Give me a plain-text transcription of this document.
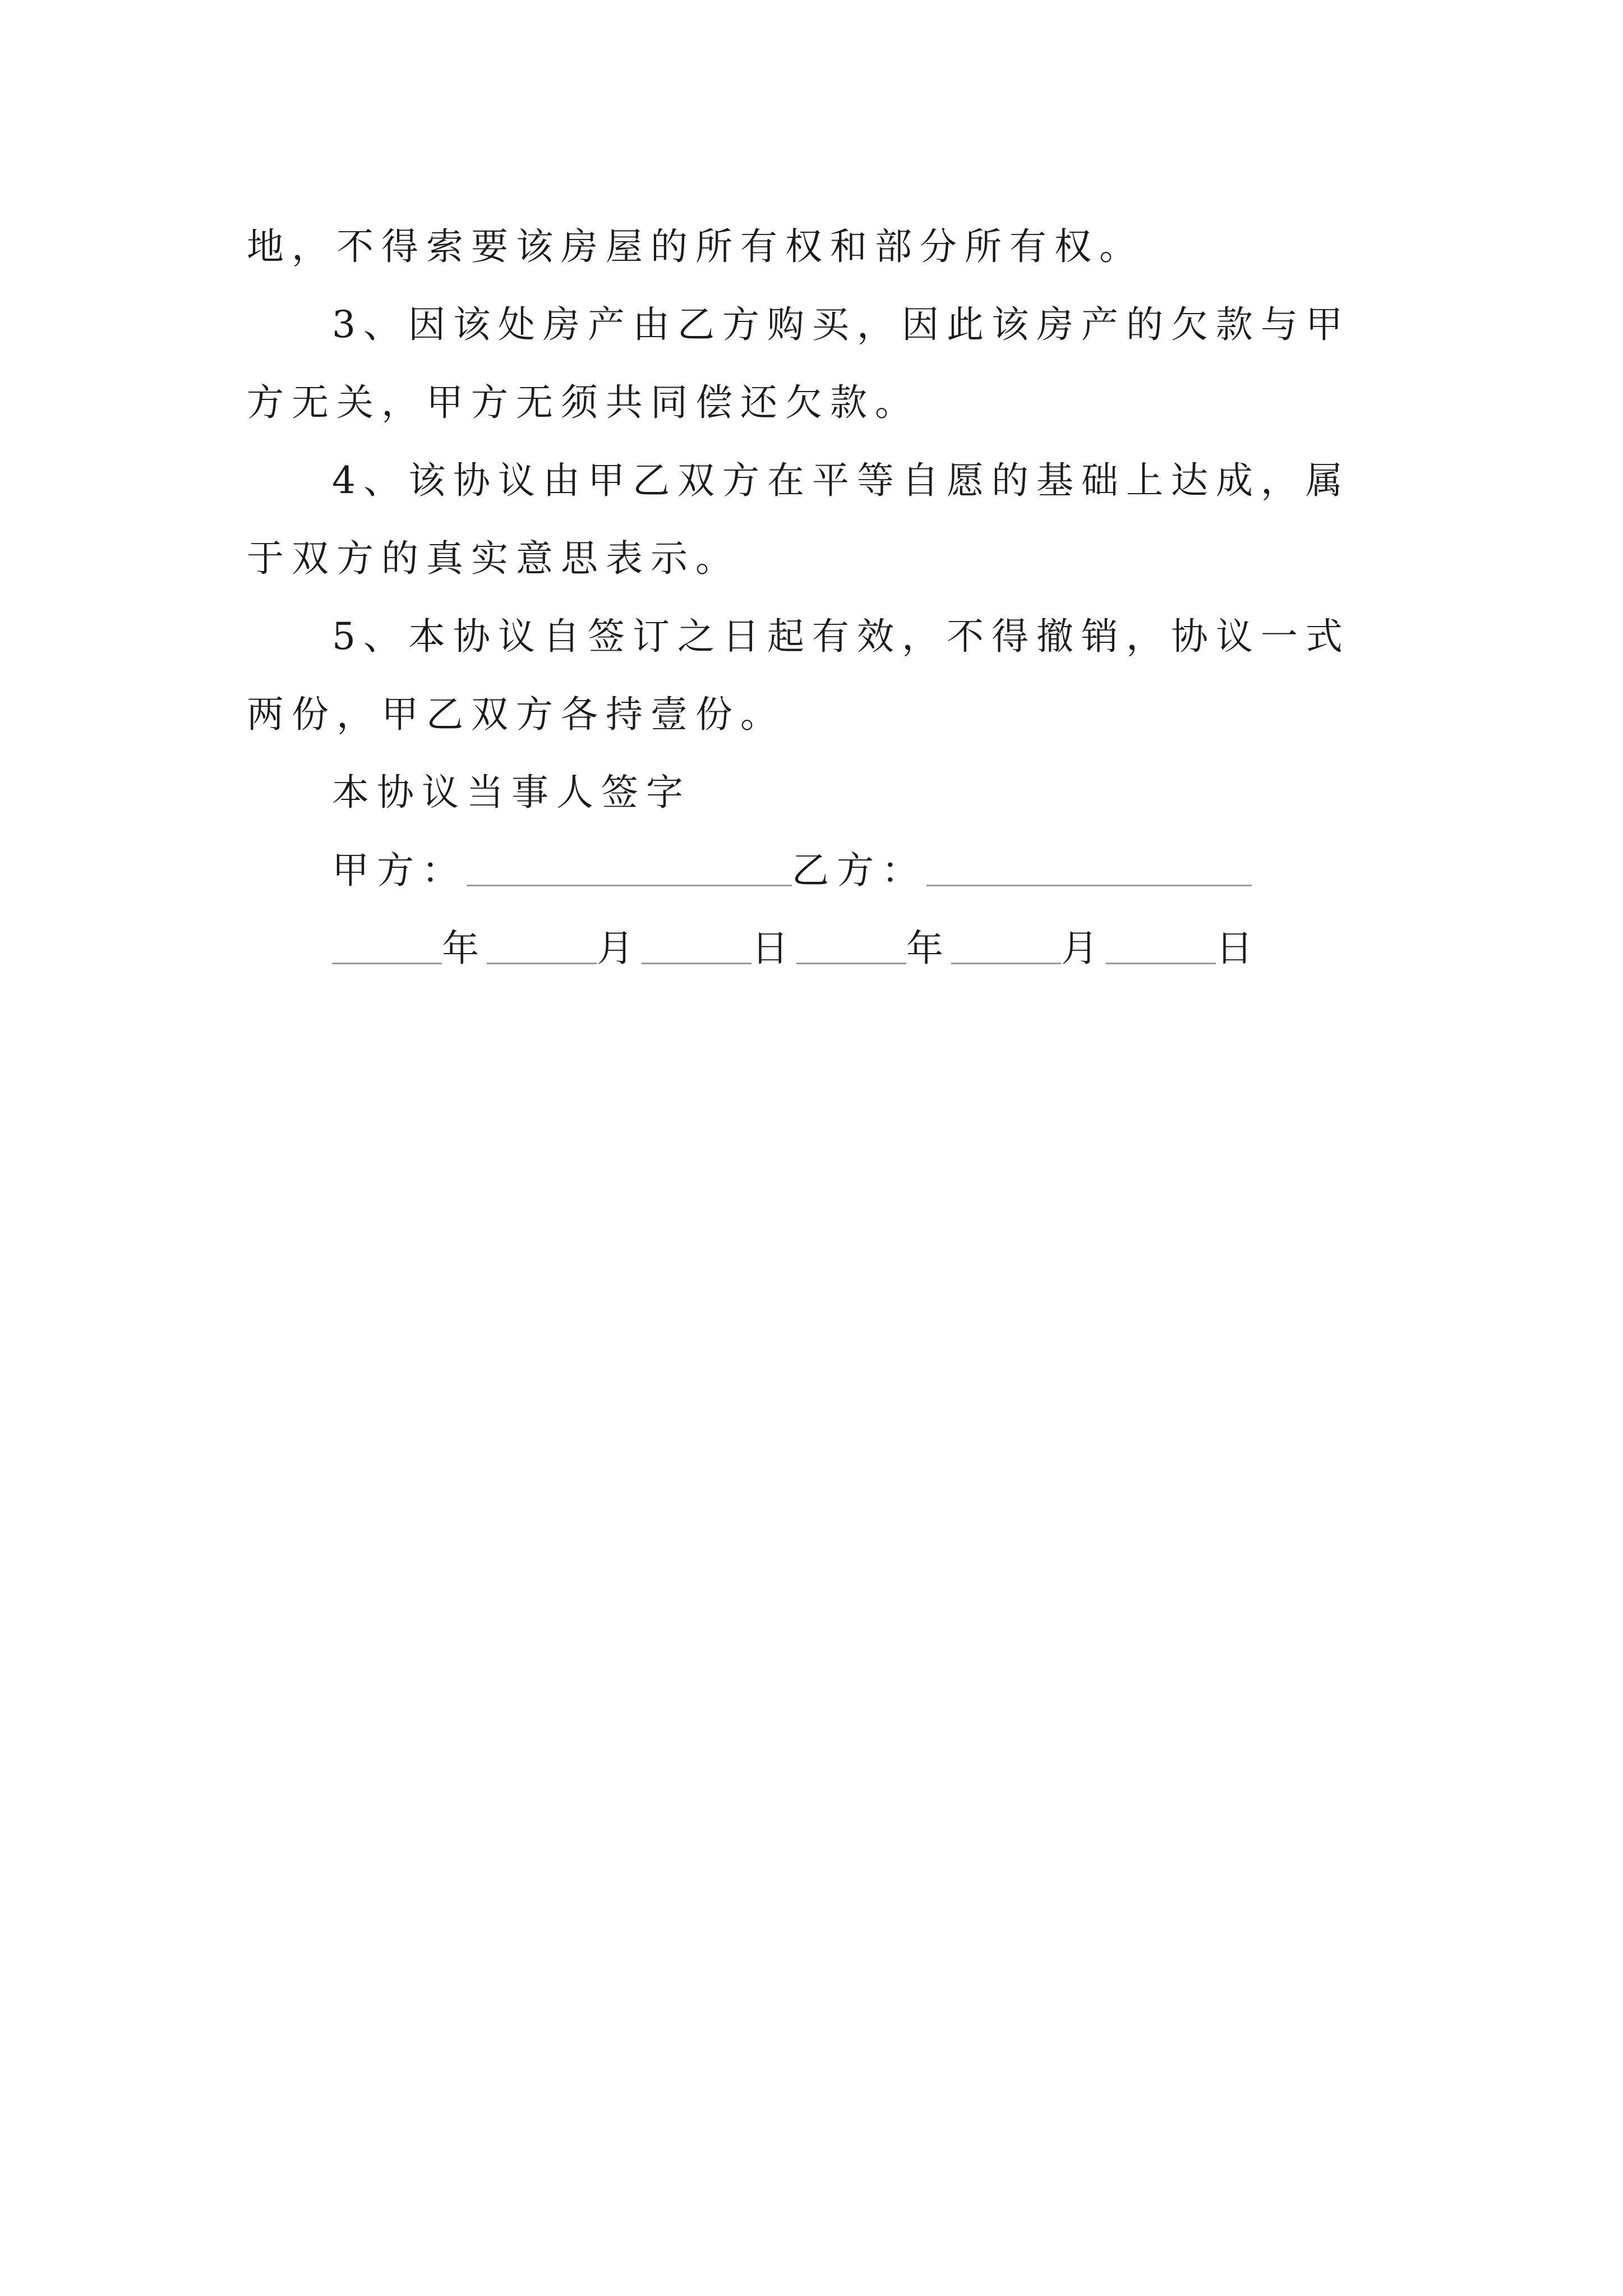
地，不得索要该房屋的所有权和部分所有权。

3、因该处房产由乙方购买，因此该房产的欠款与甲方无关，甲方无须共同偿还欠款。

4、该协议由甲乙双方在平等自愿的基础上达成，属于双方的真实意思表示。

5、本协议自签订之日起有效，不得撤销，协议一式两份，甲乙双方各持壹份。

本协议当事人签字

甲方：	乙方：

年	月	日	年	月	日
